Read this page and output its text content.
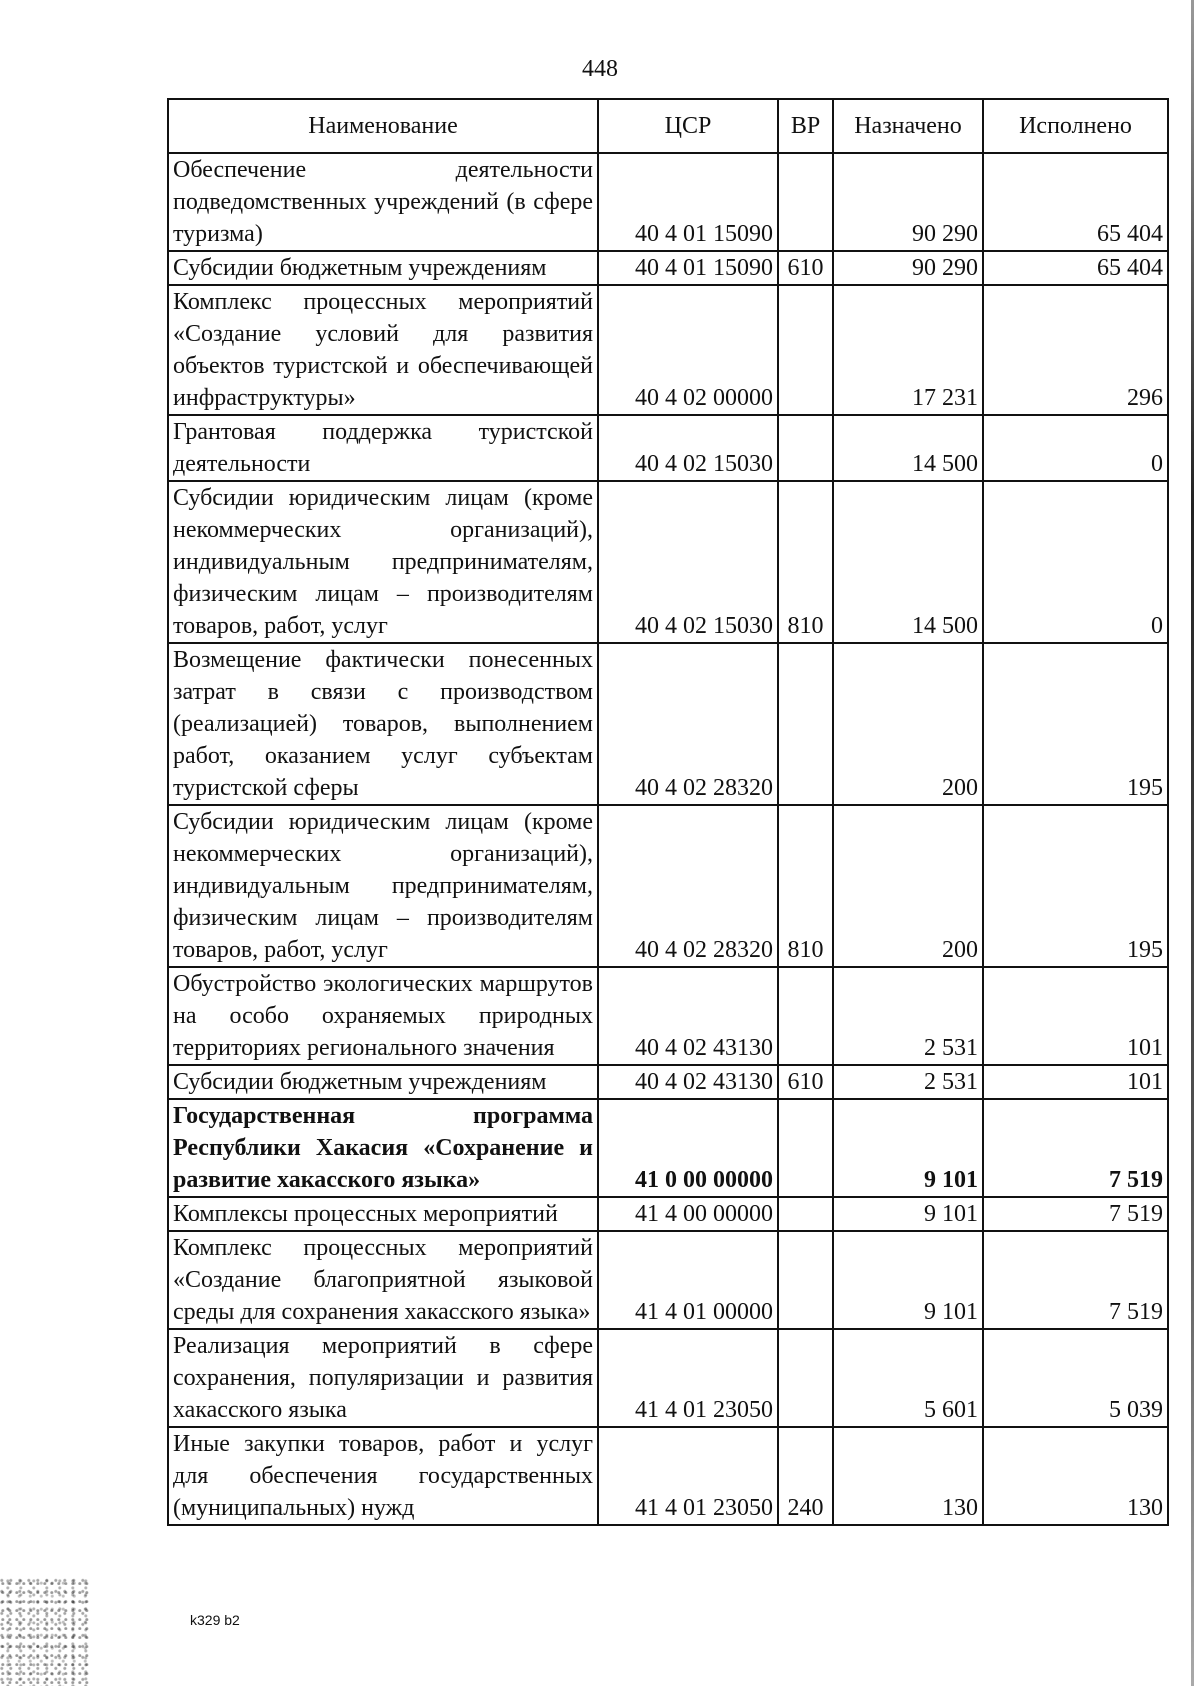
448
Наименование	ЦСР	ВР	Назначено	Исполнено
Обеспечение деятельности подведомственных учреждений (в сфере туризма)	40 4 01 15090		90 290	65 404
Субсидии бюджетным учреждениям	40 4 01 15090	610	90 290	65 404
Комплекс процессных мероприятий «Создание условий для развития объектов туристской и обеспечивающей инфраструктуры»	40 4 02 00000		17 231	296
Грантовая поддержка туристской деятельности	40 4 02 15030		14 500	0
Субсидии юридическим лицам (кроме некоммерческих организаций), индивидуальным предпринимателям, физическим лицам – производителям товаров, работ, услуг	40 4 02 15030	810	14 500	0
Возмещение фактически понесенных затрат в связи с производством (реализацией) товаров, выполнением работ, оказанием услуг субъектам туристской сферы	40 4 02 28320		200	195
Субсидии юридическим лицам (кроме некоммерческих организаций), индивидуальным предпринимателям, физическим лицам – производителям товаров, работ, услуг	40 4 02 28320	810	200	195
Обустройство экологических маршрутов на особо охраняемых природных территориях регионального значения	40 4 02 43130		2 531	101
Субсидии бюджетным учреждениям	40 4 02 43130	610	2 531	101
Государственная программа Республики Хакасия «Сохранение и развитие хакасского языка»	41 0 00 00000		9 101	7 519
Комплексы процессных мероприятий	41 4 00 00000		9 101	7 519
Комплекс процессных мероприятий «Создание благоприятной языковой среды для сохранения хакасского языка»	41 4 01 00000		9 101	7 519
Реализация мероприятий в сфере сохранения, популяризации и развития хакасского языка	41 4 01 23050		5 601	5 039
Иные закупки товаров, работ и услуг для обеспечения государственных (муниципальных) нужд	41 4 01 23050	240	130	130
k329 b2
